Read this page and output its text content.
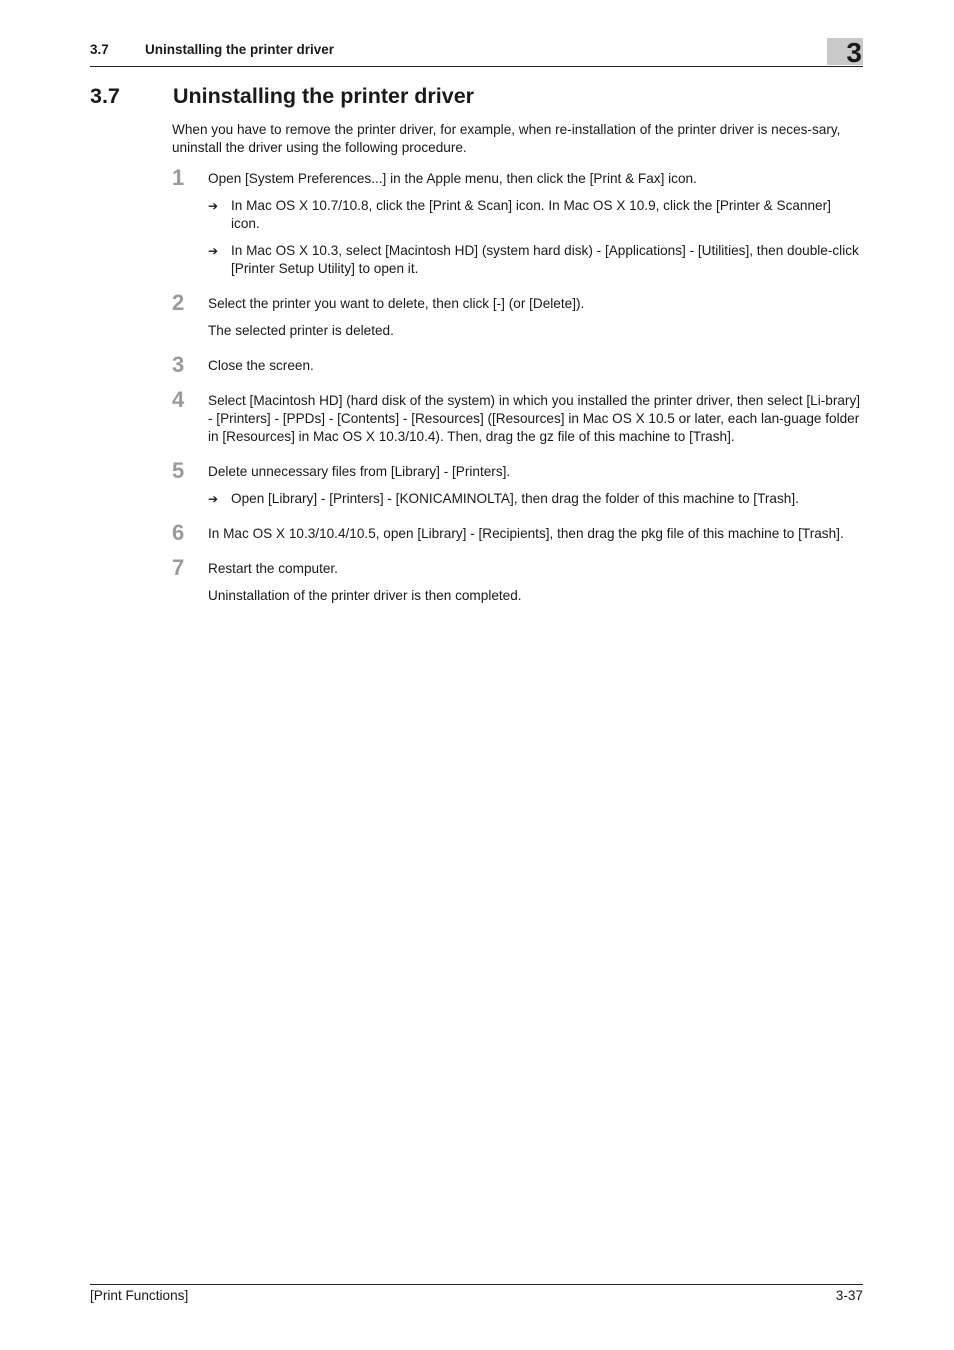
3.7	Uninstalling the printer driver	3
3.7 Uninstalling the printer driver
When you have to remove the printer driver, for example, when re-installation of the printer driver is neces-sary, uninstall the driver using the following procedure.
1 Open [System Preferences...] in the Apple menu, then click the [Print & Fax] icon.
➔ In Mac OS X 10.7/10.8, click the [Print & Scan] icon. In Mac OS X 10.9, click the [Printer & Scanner] icon.
➔ In Mac OS X 10.3, select [Macintosh HD] (system hard disk) - [Applications] - [Utilities], then double-click [Printer Setup Utility] to open it.
2 Select the printer you want to delete, then click [-] (or [Delete]).
The selected printer is deleted.
3 Close the screen.
4 Select [Macintosh HD] (hard disk of the system) in which you installed the printer driver, then select [Li-brary] - [Printers] - [PPDs] - [Contents] - [Resources] ([Resources] in Mac OS X 10.5 or later, each lan-guage folder in [Resources] in Mac OS X 10.3/10.4). Then, drag the gz file of this machine to [Trash].
5 Delete unnecessary files from [Library] - [Printers].
➔ Open [Library] - [Printers] - [KONICAMINOLTA], then drag the folder of this machine to [Trash].
6 In Mac OS X 10.3/10.4/10.5, open [Library] - [Recipients], then drag the pkg file of this machine to [Trash].
7 Restart the computer.
Uninstallation of the printer driver is then completed.
[Print Functions]	3-37
